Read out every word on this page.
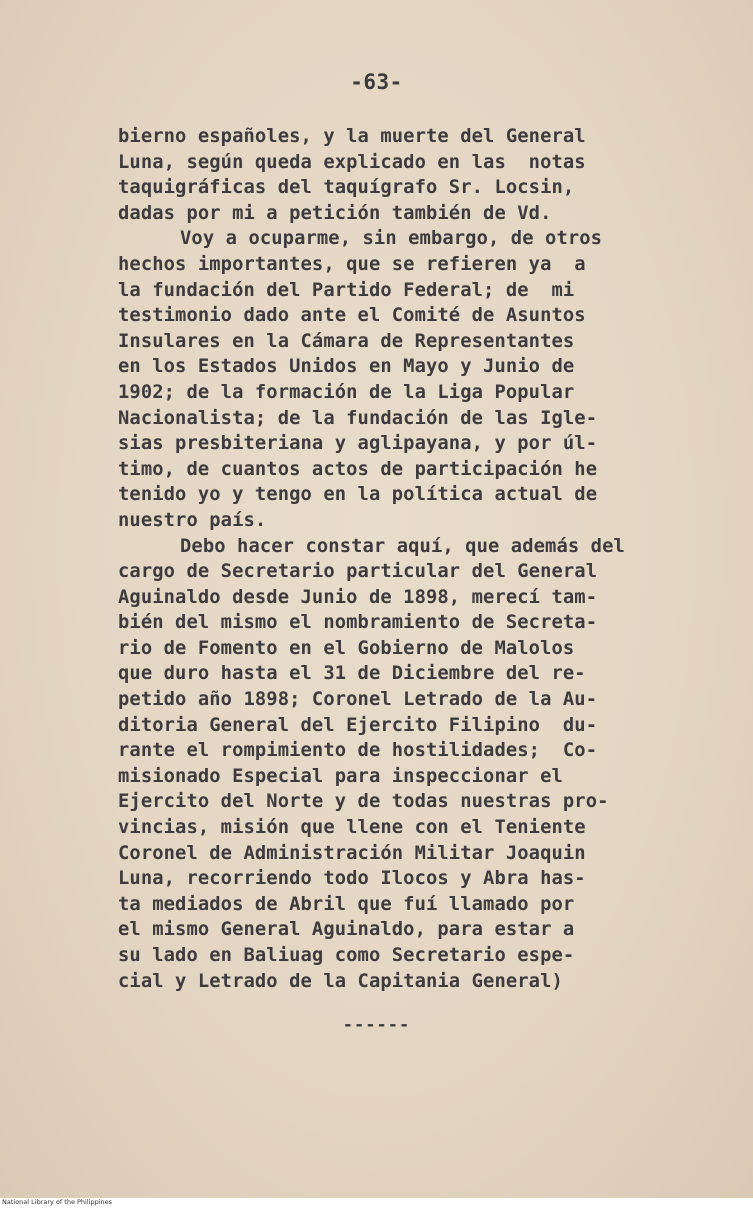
-63-
bierno españoles, y la muerte del General
Luna, según queda explicado en las  notas
taquigráficas del taquígrafo Sr. Locsin,
dadas por mi a petición también de Vd.
Voy a ocuparme, sin embargo, de otros
hechos importantes, que se refieren ya  a
la fundación del Partido Federal; de  mi
testimonio dado ante el Comité de Asuntos
Insulares en la Cámara de Representantes
en los Estados Unidos en Mayo y Junio de
1902; de la formación de la Liga Popular
Nacionalista; de la fundación de las Igle-
sias presbiteriana y aglipayana, y por úl-
timo, de cuantos actos de participación he
tenido yo y tengo en la política actual de
nuestro país.
Debo hacer constar aquí, que además del
cargo de Secretario particular del General
Aguinaldo desde Junio de 1898, merecí tam-
bién del mismo el nombramiento de Secreta-
rio de Fomento en el Gobierno de Malolos
que duro hasta el 31 de Diciembre del re-
petido año 1898; Coronel Letrado de la Au-
ditoria General del Ejercito Filipino  du-
rante el rompimiento de hostilidades;  Co-
misionado Especial para inspeccionar el
Ejercito del Norte y de todas nuestras pro-
vincias, misión que llene con el Teniente
Coronel de Administración Militar Joaquin
Luna, recorriendo todo Ilocos y Abra has-
ta mediados de Abril que fuí llamado por
el mismo General Aguinaldo, para estar a
su lado en Baliuag como Secretario espe-
cial y Letrado de la Capitania General)
------
National Library of the Philippines
